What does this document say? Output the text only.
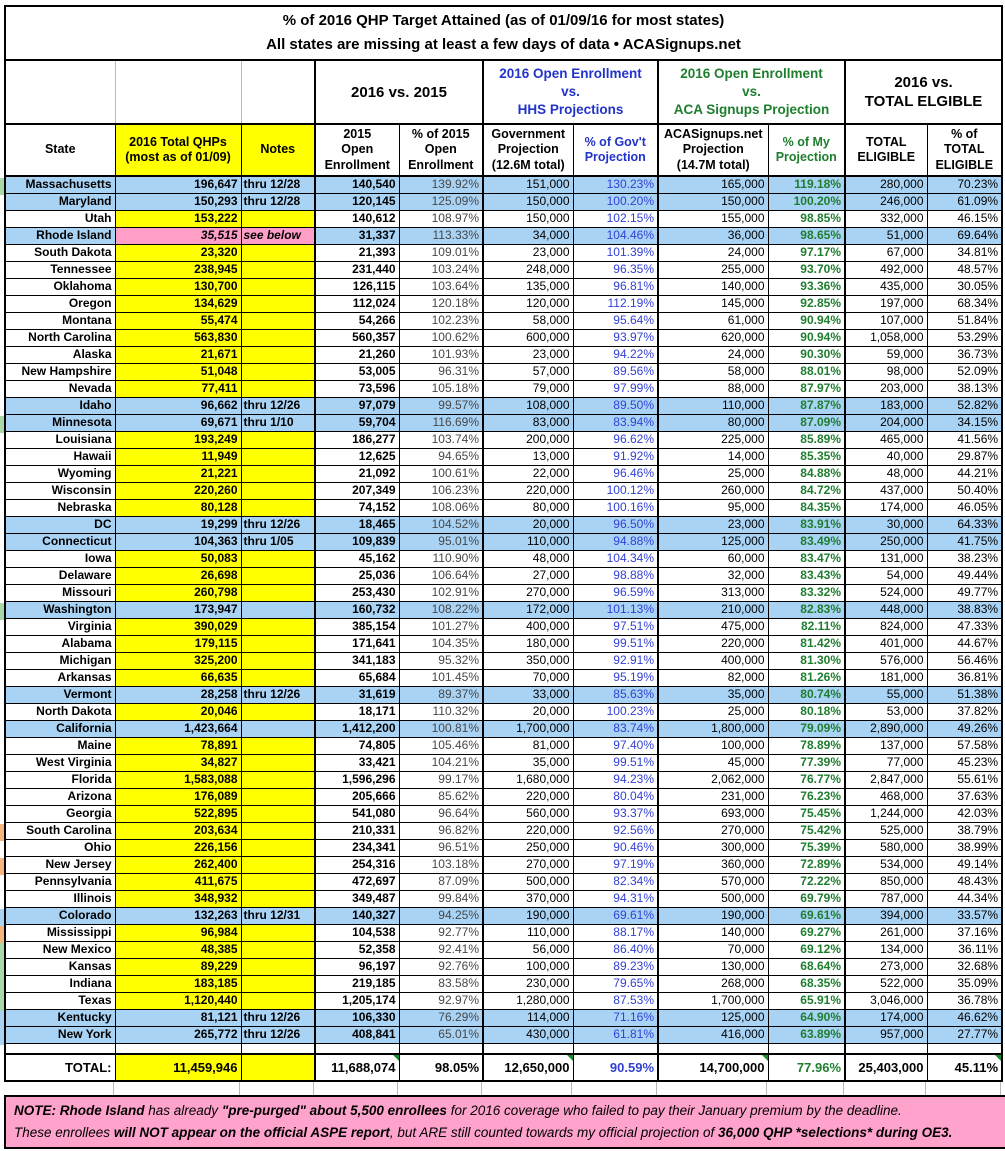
% of 2016 QHP Target Attained (as of 01/09/16 for most states)
All states are missing at least a few days of data • ACASignups.net										

2016 vs. 2015

2016 Open Enrollment
vs.
HHS Projections

2016 Open Enrollment
vs.
ACA Signups Projection

2016 vs.
TOTAL ELGIBLE

State

2016 Total QHPs
(most as of 01/09)

Notes

2015
Open
Enrollment

% of 2015
Open
Enrollment

Government
Projection
(12.6M total)

% of Gov't
Projection

ACASignups.net
Projection
(14.7M total)

% of My
Projection

TOTAL
ELIGIBLE

% of
TOTAL
ELIGIBLE

Massachusetts	196,647	thru 12/28	140,540	139.92%	151,000	130.23%	165,000	119.18%	280,000	70.23%
Maryland	150,293	thru 12/28	120,145	125.09%	150,000	100.20%	150,000	100.20%	246,000	61.09%
Utah	153,222		140,612	108.97%	150,000	102.15%	155,000	98.85%	332,000	46.15%
Rhode Island	35,515	see below	31,337	113.33%	34,000	104.46%	36,000	98.65%	51,000	69.64%
South Dakota	23,320		21,393	109.01%	23,000	101.39%	24,000	97.17%	67,000	34.81%
Tennessee	238,945		231,440	103.24%	248,000	96.35%	255,000	93.70%	492,000	48.57%
Oklahoma	130,700		126,115	103.64%	135,000	96.81%	140,000	93.36%	435,000	30.05%
Oregon	134,629		112,024	120.18%	120,000	112.19%	145,000	92.85%	197,000	68.34%
Montana	55,474		54,266	102.23%	58,000	95.64%	61,000	90.94%	107,000	51.84%
North Carolina	563,830		560,357	100.62%	600,000	93.97%	620,000	90.94%	1,058,000	53.29%
Alaska	21,671		21,260	101.93%	23,000	94.22%	24,000	90.30%	59,000	36.73%
New Hampshire	51,048		53,005	96.31%	57,000	89.56%	58,000	88.01%	98,000	52.09%
Nevada	77,411		73,596	105.18%	79,000	97.99%	88,000	87.97%	203,000	38.13%
Idaho	96,662	thru 12/26	97,079	99.57%	108,000	89.50%	110,000	87.87%	183,000	52.82%
Minnesota	69,671	thru 1/10	59,704	116.69%	83,000	83.94%	80,000	87.09%	204,000	34.15%
Louisiana	193,249		186,277	103.74%	200,000	96.62%	225,000	85.89%	465,000	41.56%
Hawaii	11,949		12,625	94.65%	13,000	91.92%	14,000	85.35%	40,000	29.87%
Wyoming	21,221		21,092	100.61%	22,000	96.46%	25,000	84.88%	48,000	44.21%
Wisconsin	220,260		207,349	106.23%	220,000	100.12%	260,000	84.72%	437,000	50.40%
Nebraska	80,128		74,152	108.06%	80,000	100.16%	95,000	84.35%	174,000	46.05%
DC	19,299	thru 12/26	18,465	104.52%	20,000	96.50%	23,000	83.91%	30,000	64.33%
Connecticut	104,363	thru 1/05	109,839	95.01%	110,000	94.88%	125,000	83.49%	250,000	41.75%
Iowa	50,083		45,162	110.90%	48,000	104.34%	60,000	83.47%	131,000	38.23%
Delaware	26,698		25,036	106.64%	27,000	98.88%	32,000	83.43%	54,000	49.44%
Missouri	260,798		253,430	102.91%	270,000	96.59%	313,000	83.32%	524,000	49.77%
Washington	173,947		160,732	108.22%	172,000	101.13%	210,000	82.83%	448,000	38.83%
Virginia	390,029		385,154	101.27%	400,000	97.51%	475,000	82.11%	824,000	47.33%
Alabama	179,115		171,641	104.35%	180,000	99.51%	220,000	81.42%	401,000	44.67%
Michigan	325,200		341,183	95.32%	350,000	92.91%	400,000	81.30%	576,000	56.46%
Arkansas	66,635		65,684	101.45%	70,000	95.19%	82,000	81.26%	181,000	36.81%
Vermont	28,258	thru 12/26	31,619	89.37%	33,000	85.63%	35,000	80.74%	55,000	51.38%
North Dakota	20,046		18,171	110.32%	20,000	100.23%	25,000	80.18%	53,000	37.82%
California	1,423,664		1,412,200	100.81%	1,700,000	83.74%	1,800,000	79.09%	2,890,000	49.26%
Maine	78,891		74,805	105.46%	81,000	97.40%	100,000	78.89%	137,000	57.58%
West Virginia	34,827		33,421	104.21%	35,000	99.51%	45,000	77.39%	77,000	45.23%
Florida	1,583,088		1,596,296	99.17%	1,680,000	94.23%	2,062,000	76.77%	2,847,000	55.61%
Arizona	176,089		205,666	85.62%	220,000	80.04%	231,000	76.23%	468,000	37.63%
Georgia	522,895		541,080	96.64%	560,000	93.37%	693,000	75.45%	1,244,000	42.03%
South Carolina	203,634		210,331	96.82%	220,000	92.56%	270,000	75.42%	525,000	38.79%
Ohio	226,156		234,341	96.51%	250,000	90.46%	300,000	75.39%	580,000	38.99%
New Jersey	262,400		254,316	103.18%	270,000	97.19%	360,000	72.89%	534,000	49.14%
Pennsylvania	411,675		472,697	87.09%	500,000	82.34%	570,000	72.22%	850,000	48.43%
Illinois	348,932		349,487	99.84%	370,000	94.31%	500,000	69.79%	787,000	44.34%
Colorado	132,263	thru 12/31	140,327	94.25%	190,000	69.61%	190,000	69.61%	394,000	33.57%
Mississippi	96,984		104,538	92.77%	110,000	88.17%	140,000	69.27%	261,000	37.16%
New Mexico	48,385		52,358	92.41%	56,000	86.40%	70,000	69.12%	134,000	36.11%
Kansas	89,229		96,197	92.76%	100,000	89.23%	130,000	68.64%	273,000	32.68%
Indiana	183,185		219,185	83.58%	230,000	79.65%	268,000	68.35%	522,000	35.09%
Texas	1,120,440		1,205,174	92.97%	1,280,000	87.53%	1,700,000	65.91%	3,046,000	36.78%
Kentucky	81,121	thru 12/26	106,330	76.29%	114,000	71.16%	125,000	64.90%	174,000	46.62%
New York	265,772	thru 12/26	408,841	65.01%	430,000	61.81%	416,000	63.89%	957,000	27.77%

TOTAL:	11,459,946		11,688,074	98.05%	12,650,000	90.59%	14,700,000	77.96%	25,403,000	45.11%
NOTE: Rhode Island has already "pre-purged" about 5,500 enrollees for 2016 coverage who failed to pay their January premium by the deadline.
These enrollees will NOT appear on the official ASPE report, but ARE still counted towards my official projection of 36,000 QHP *selections* during OE3.
